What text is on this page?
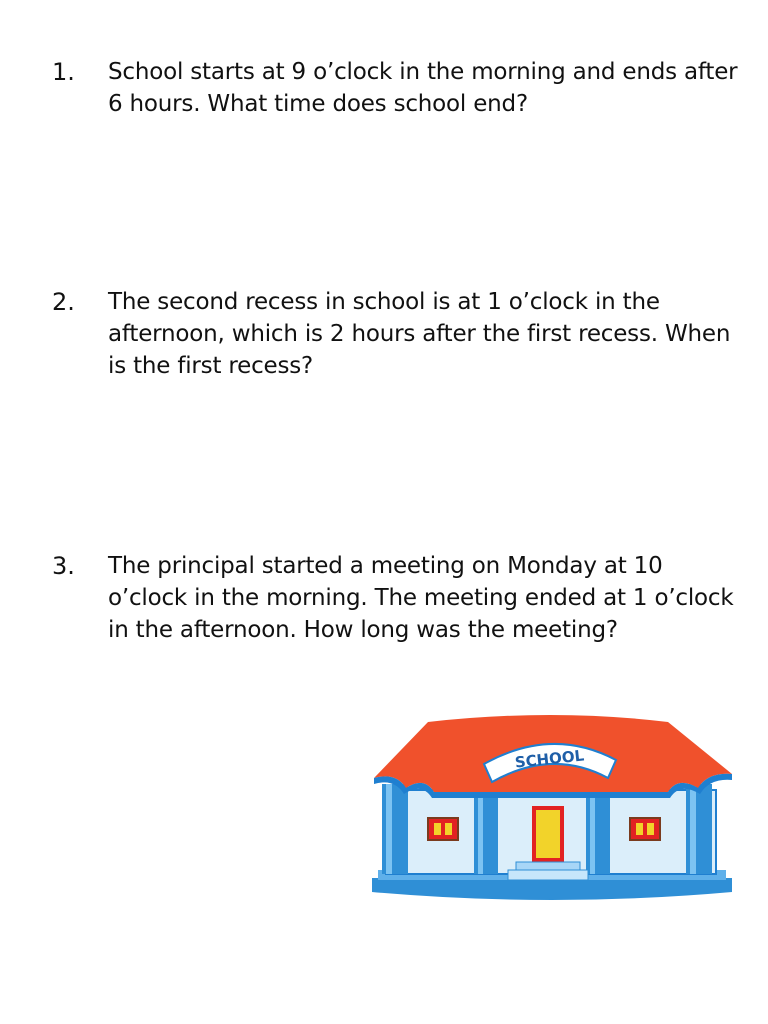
1.	School starts at 9 o’clock in the morning and ends after 6 hours. What time does school end?
2.	The second recess in school is at 1 o’clock in the afternoon, which is 2 hours after the first recess. When is the first recess?
3.	The principal started a meeting on Monday at 10 o’clock in the morning. The meeting ended at 1 o’clock in the afternoon. How long was the meeting?
SCHOOL
